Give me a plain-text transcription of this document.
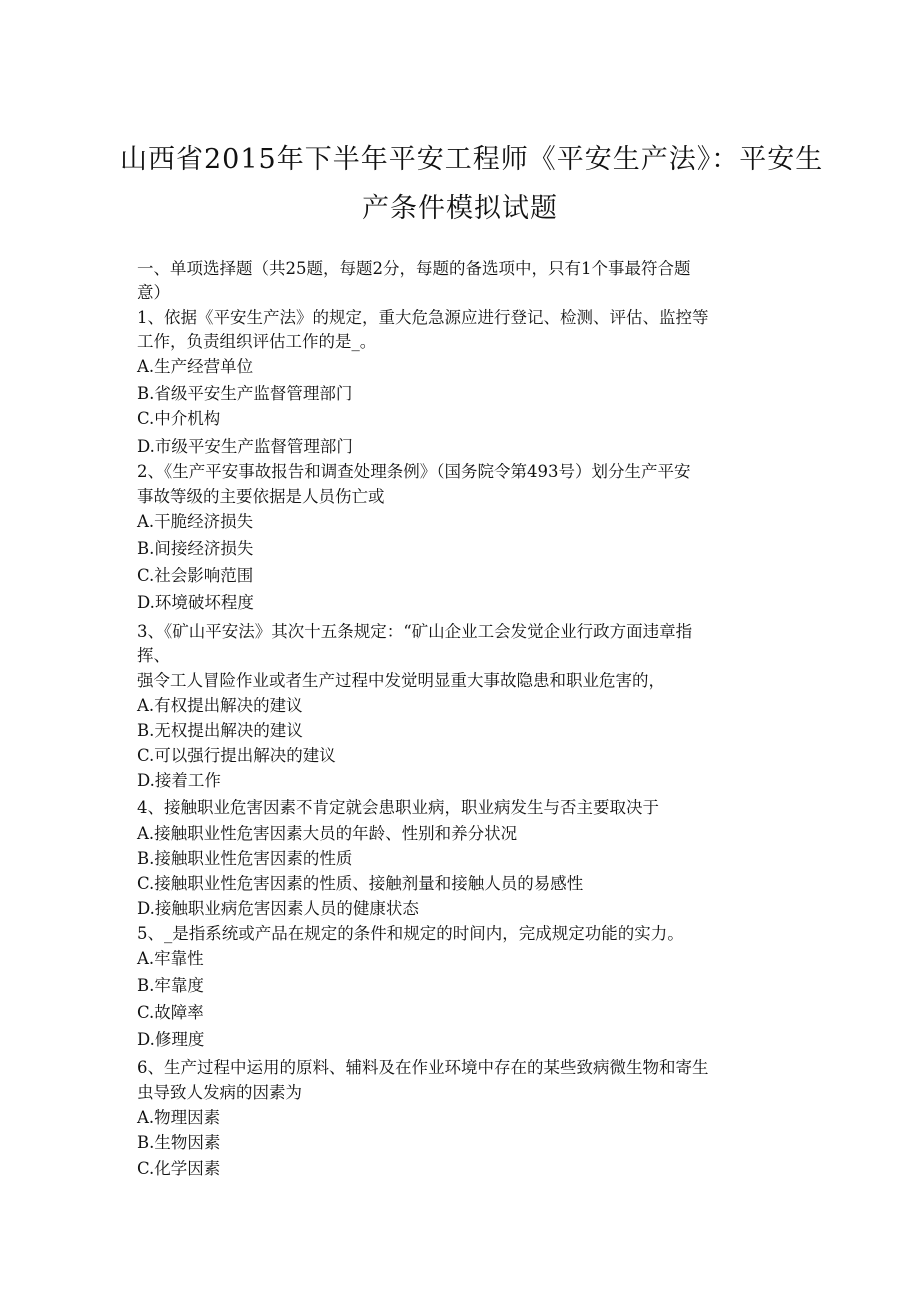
山西省2015年下半年平安工程师《平安生产法》：平安生
产条件模拟试题
一、单项选择题（共25题，每题2分，每题的备选项中，只有1个事最符合题
意）
1、依据《平安生产法》的规定，重大危急源应进行登记、检测、评估、监控等
工作，负责组织评估工作的是_。
A.生产经营单位
B.省级平安生产监督管理部门
C.中介机构
D.市级平安生产监督管理部门
2、《生产平安事故报告和调查处理条例》（国务院令第493号）划分生产平安
事故等级的主要依据是人员伤亡或
A.干脆经济损失
B.间接经济损失
C.社会影响范围
D.环境破坏程度
3、《矿山平安法》其次十五条规定：“矿山企业工会发觉企业行政方面违章指
挥、
强令工人冒险作业或者生产过程中发觉明显重大事故隐患和职业危害的，
A.有权提出解决的建议
B.无权提出解决的建议
C.可以强行提出解决的建议
D.接着工作
4、接触职业危害因素不肯定就会患职业病，职业病发生与否主要取决于
A.接触职业性危害因素大员的年龄、性别和养分状况
B.接触职业性危害因素的性质
C.接触职业性危害因素的性质、接触剂量和接触人员的易感性
D.接触职业病危害因素人员的健康状态
5、_是指系统或产品在规定的条件和规定的时间内，完成规定功能的实力。
A.牢靠性
B.牢靠度
C.故障率
D.修理度
6、生产过程中运用的原料、辅料及在作业环境中存在的某些致病微生物和寄生
虫导致人发病的因素为
A.物理因素
B.生物因素
C.化学因素
